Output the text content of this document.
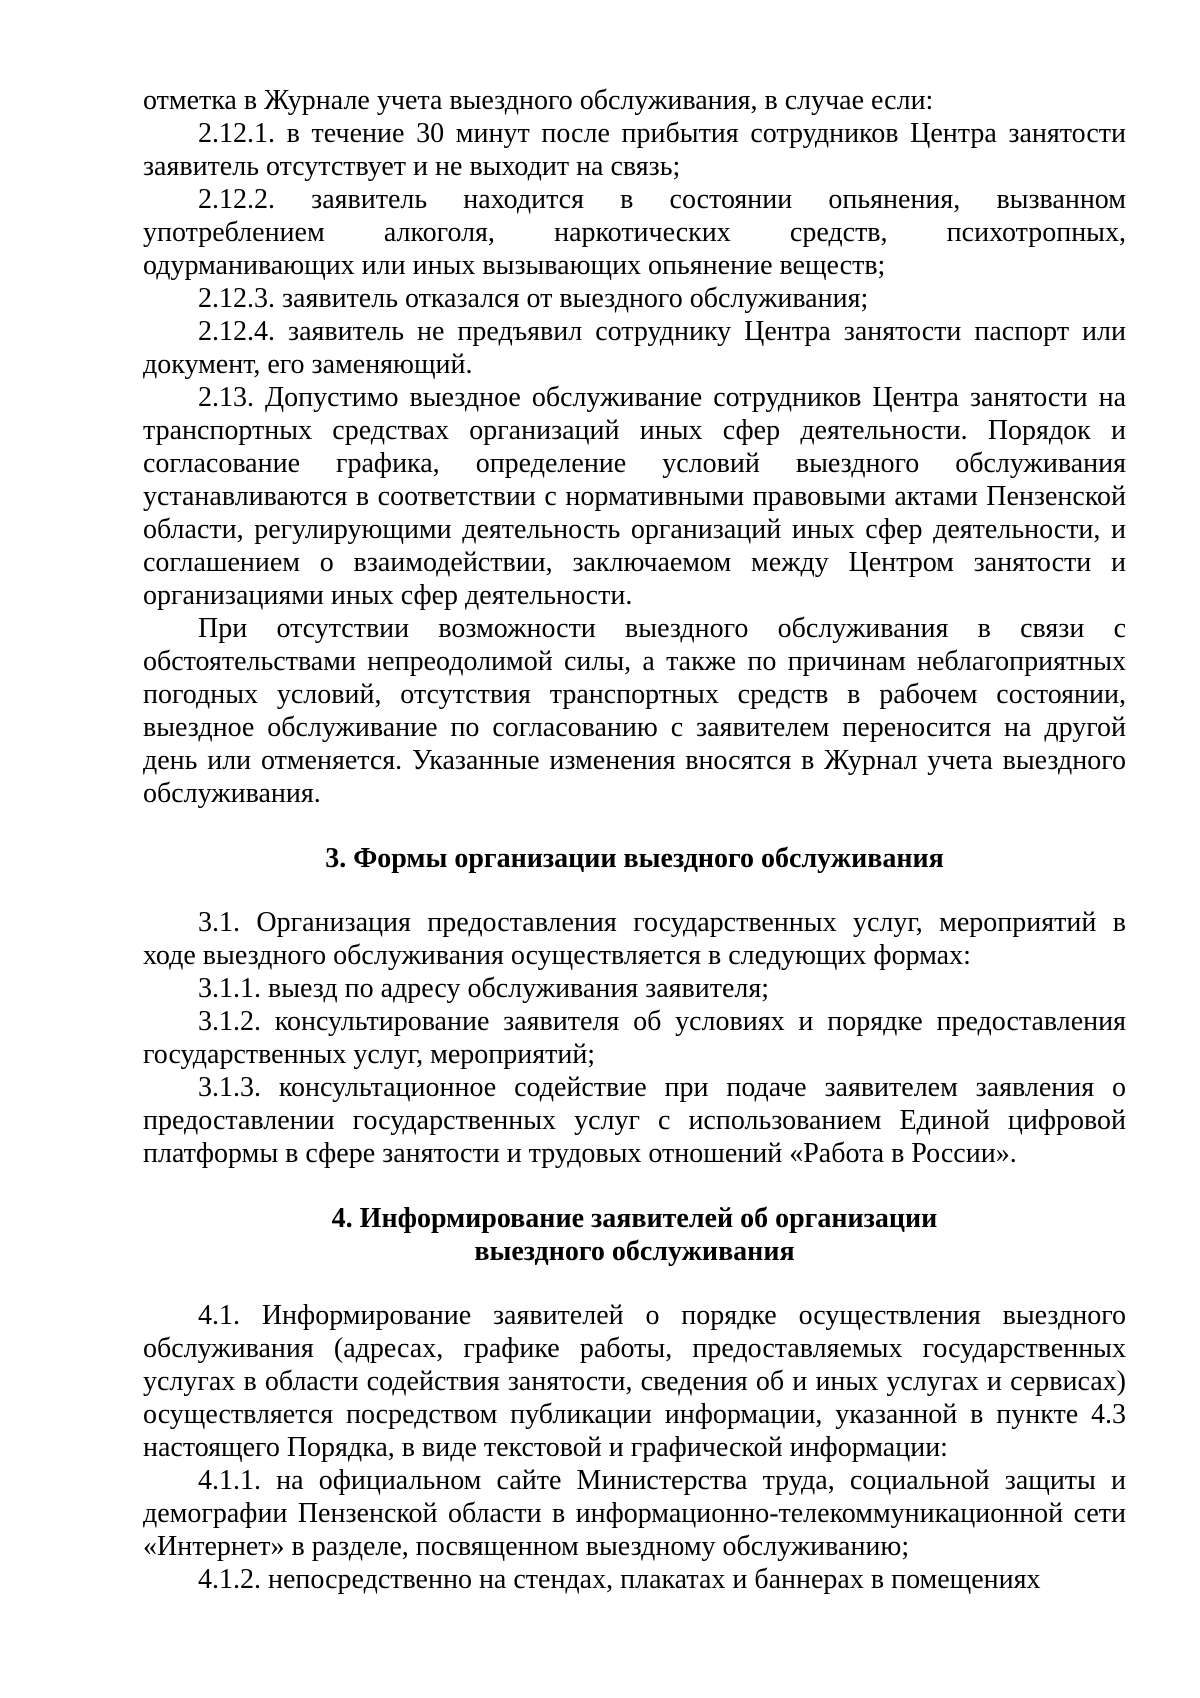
отметка в Журнале учета выездного обслуживания, в случае если:

2.12.1. в течение 30 минут после прибытия сотрудников Центра занятости заявитель отсутствует и не выходит на связь;

2.12.2. заявитель находится в состоянии опьянения, вызванном употреблением алкоголя, наркотических средств, психотропных, одурманивающих или иных вызывающих опьянение веществ;

2.12.3. заявитель отказался от выездного обслуживания;

2.12.4. заявитель не предъявил сотруднику Центра занятости паспорт или документ, его заменяющий.

2.13. Допустимо выездное обслуживание сотрудников Центра занятости на транспортных средствах организаций иных сфер деятельности. Порядок и согласование графика, определение условий выездного обслуживания устанавливаются в соответствии с нормативными правовыми актами Пензенской области, регулирующими деятельность организаций иных сфер деятельности, и соглашением о взаимодействии, заключаемом между Центром занятости и организациями иных сфер деятельности.

При отсутствии возможности выездного обслуживания в связи с обстоятельствами непреодолимой силы, а также по причинам неблагоприятных погодных условий, отсутствия транспортных средств в рабочем состоянии, выездное обслуживание по согласованию с заявителем переносится на другой день или отменяется. Указанные изменения вносятся в Журнал учета выездного обслуживания.

3. Формы организации выездного обслуживания

3.1. Организация предоставления государственных услуг, мероприятий в ходе выездного обслуживания осуществляется в следующих формах:

3.1.1. выезд по адресу обслуживания заявителя;

3.1.2. консультирование заявителя об условиях и порядке предоставления государственных услуг, мероприятий;

3.1.3. консультационное содействие при подаче заявителем заявления о предоставлении государственных услуг с использованием Единой цифровой платформы в сфере занятости и трудовых отношений «Работа в России».

4. Информирование заявителей об организации

выездного обслуживания

4.1. Информирование заявителей о порядке осуществления выездного обслуживания (адресах, графике работы, предоставляемых государственных услугах в области содействия занятости, сведения об и иных услугах и сервисах) осуществляется посредством публикации информации, указанной в пункте 4.3 настоящего Порядка, в виде текстовой и графической информации:

4.1.1. на официальном сайте Министерства труда, социальной защиты и демографии Пензенской области в информационно-телекоммуникационной сети «Интернет» в разделе, посвященном выездному обслуживанию;

4.1.2. непосредственно на стендах, плакатах и баннерах в помещениях
